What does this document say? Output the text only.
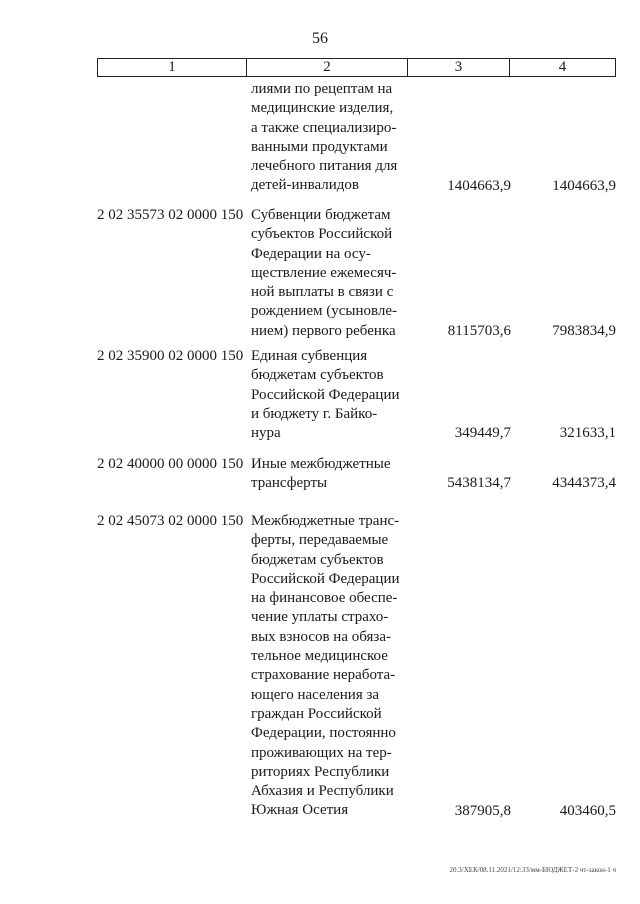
56
1	2	3	4
лиями по рецептам на
медицинские изделия,
а также специализиро-
ванными продуктами
лечебного питания для
детей-инвалидов	1404663,9	1404663,9
2 02 35573 02 0000 150 Субвенции бюджетам
субъектов Российской
Федерации на осу-
ществление ежемесяч-
ной выплаты в связи с
рождением (усыновле-
нием) первого ребенка	8115703,6	7983834,9
2 02 35900 02 0000 150 Единая субвенция
бюджетам субъектов
Российской Федерации
и бюджету г. Байко-
нура	349449,7	321633,1
2 02 40000 00 0000 150 Иные межбюджетные
трансферты	5438134,7	4344373,4
2 02 45073 02 0000 150 Межбюджетные транс-
ферты, передаваемые
бюджетам субъектов
Российской Федерации
на финансовое обеспе-
чение уплаты страхо-
вых взносов на обяза-
тельное медицинское
страхование неработа-
ющего населения за
граждан Российской
Федерации, постоянно
проживающих на тер-
риториях Республики
Абхазия и Республики
Южная Осетия	387905,8	403460,5
20.3/ХЕК/08.11.2021/12:33/мм-БЮДЖЕТ-2 чт-закон-1 ч
